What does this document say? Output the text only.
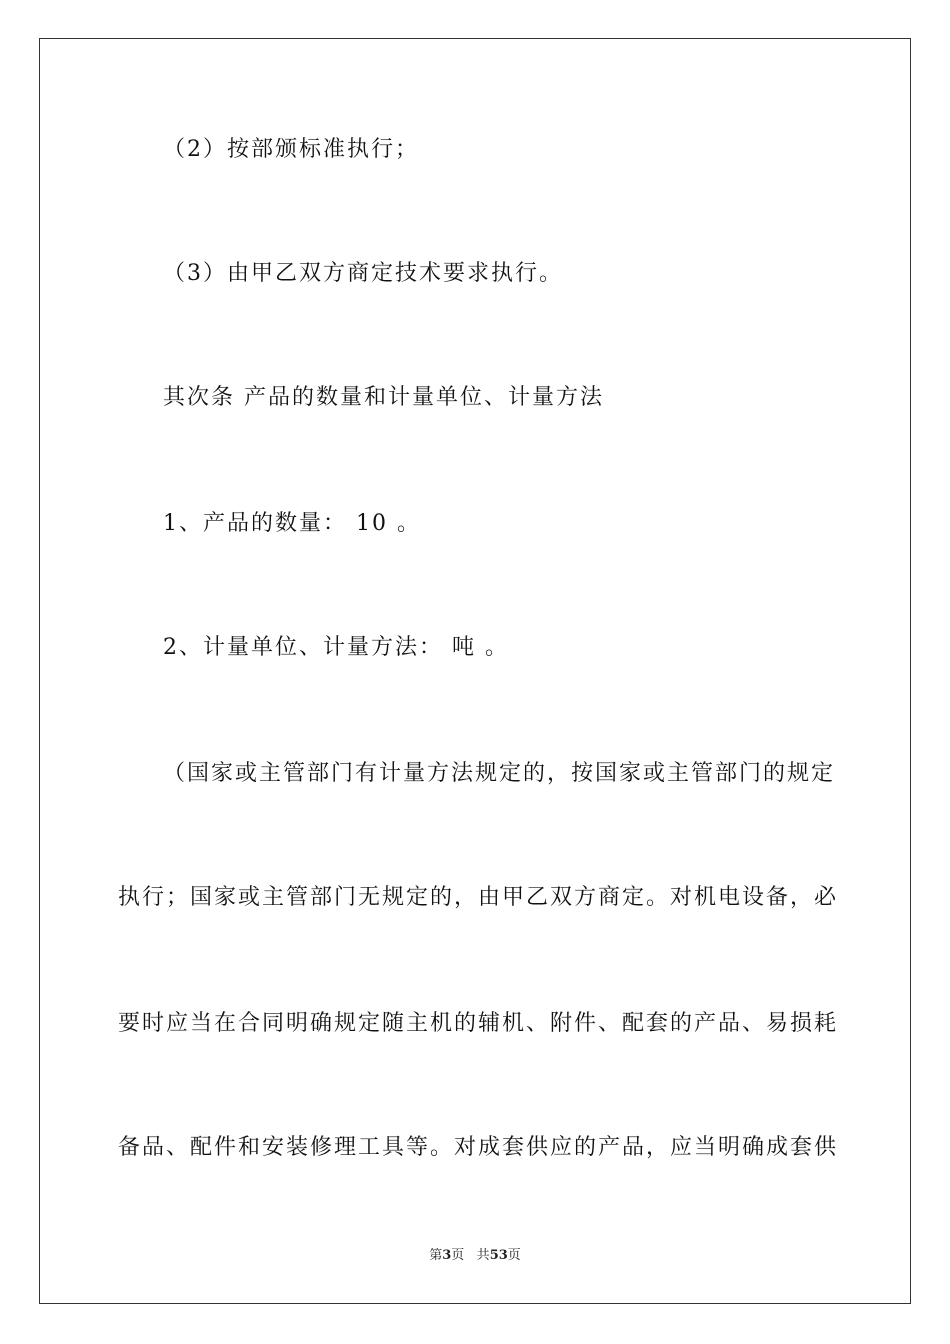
（2）按部颁标准执行；
（3）由甲乙双方商定技术要求执行。
其次条 产品的数量和计量单位、计量方法
1、产品的数量： 10 。
2、计量单位、计量方法： 吨 。
（国家或主管部门有计量方法规定的，按国家或主管部门的规定
执行；国家或主管部门无规定的，由甲乙双方商定。对机电设备，必
要时应当在合同明确规定随主机的辅机、附件、配套的产品、易损耗
备品、配件和安装修理工具等。对成套供应的产品，应当明确成套供
第3页 共53页
